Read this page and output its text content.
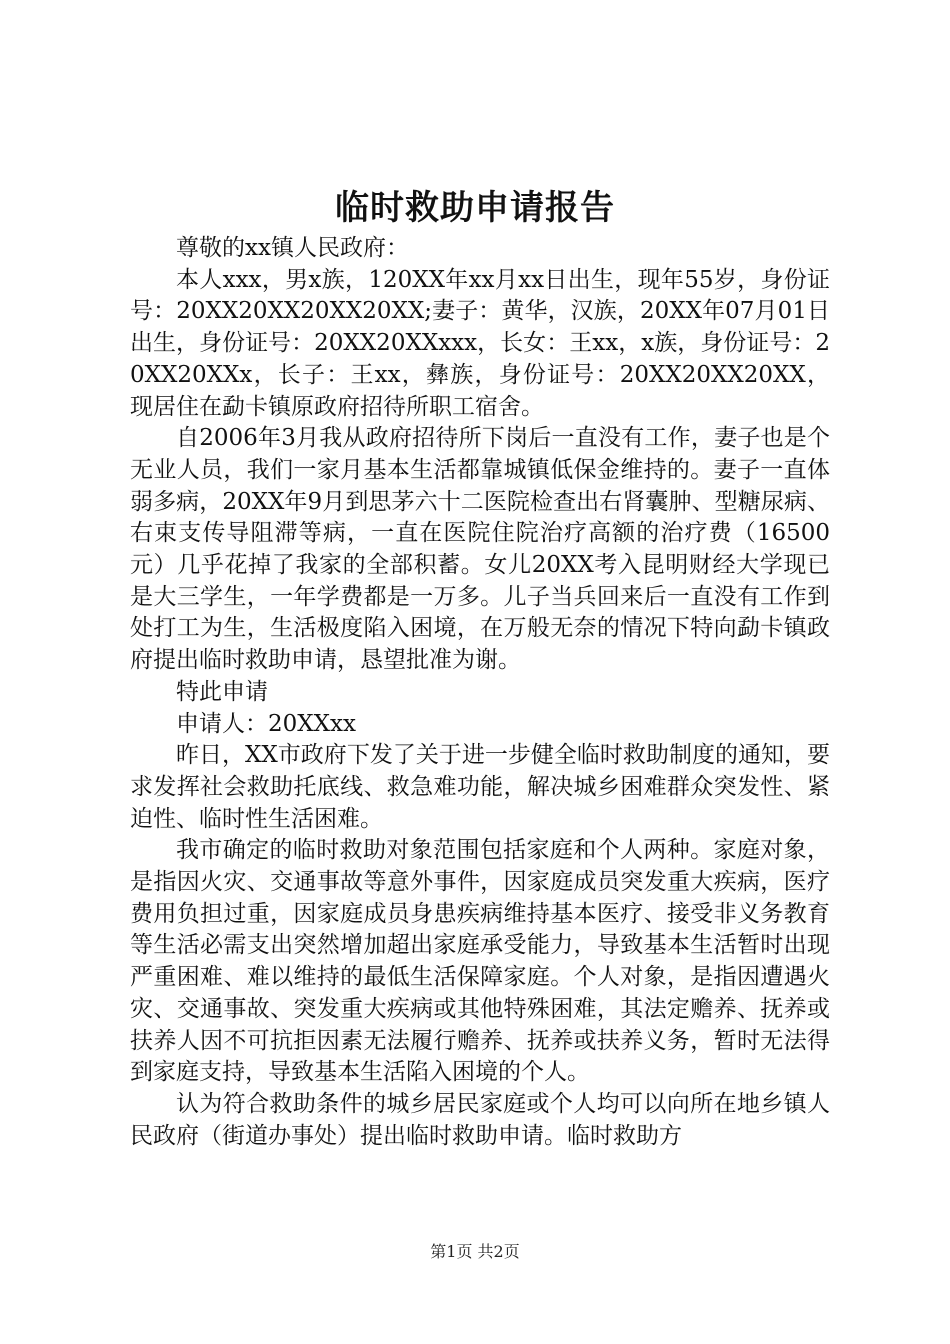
临时救助申请报告

尊敬的xx镇人民政府：

本人xxx，男x族，120XX年xx月xx日出生，现年55岁，身份证号：20XX20XX20XX20XX;妻子：黄华，汉族，20XX年07月01日出生，身份证号：20XX20XXxxx，长女：王xx，x族，身份证号：20XX20XXx，长子：王xx，彝族，身份证号：20XX20XX20XX，现居住在勐卡镇原政府招待所职工宿舍。

自2006年3月我从政府招待所下岗后一直没有工作，妻子也是个无业人员，我们一家月基本生活都靠城镇低保金维持的。妻子一直体弱多病，20XX年9月到思茅六十二医院检查出右肾囊肿、型糖尿病、右束支传导阻滞等病，一直在医院住院治疗高额的治疗费（16500元）几乎花掉了我家的全部积蓄。女儿20XX考入昆明财经大学现已是大三学生，一年学费都是一万多。儿子当兵回来后一直没有工作到处打工为生，生活极度陷入困境，在万般无奈的情况下特向勐卡镇政府提出临时救助申请，恳望批准为谢。

特此申请

申请人：20XXxx

昨日，XX市政府下发了关于进一步健全临时救助制度的通知，要求发挥社会救助托底线、救急难功能，解决城乡困难群众突发性、紧迫性、临时性生活困难。

我市确定的临时救助对象范围包括家庭和个人两种。家庭对象，是指因火灾、交通事故等意外事件，因家庭成员突发重大疾病，医疗费用负担过重，因家庭成员身患疾病维持基本医疗、接受非义务教育等生活必需支出突然增加超出家庭承受能力，导致基本生活暂时出现严重困难、难以维持的最低生活保障家庭。个人对象，是指因遭遇火灾、交通事故、突发重大疾病或其他特殊困难，其法定赡养、抚养或扶养人因不可抗拒因素无法履行赡养、抚养或扶养义务，暂时无法得到家庭支持，导致基本生活陷入困境的个人。

认为符合救助条件的城乡居民家庭或个人均可以向所在地乡镇人民政府（街道办事处）提出临时救助申请。临时救助方

第1页 共2页
